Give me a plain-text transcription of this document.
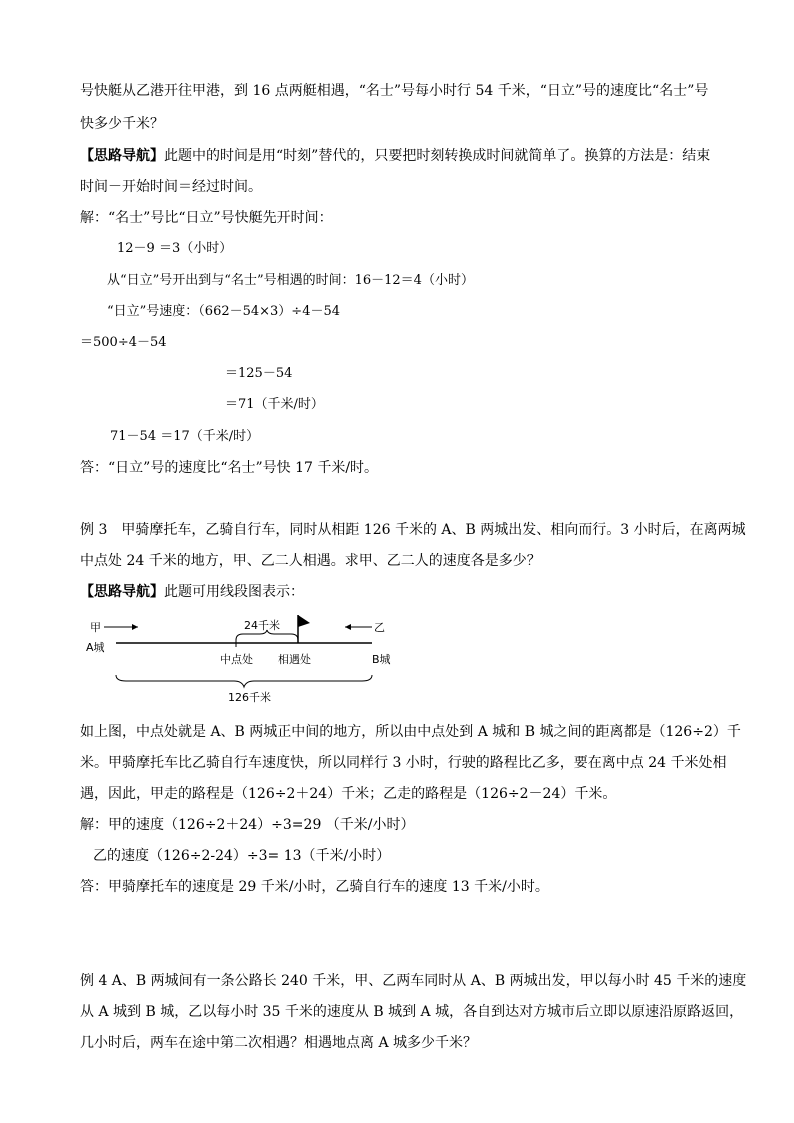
号快艇从乙港开往甲港，到 16 点两艇相遇，“名士”号每小时行 54 千米，“日立”号的速度比“名士”号
快多少千米？
【思路导航】此题中的时间是用“时刻”替代的，只要把时刻转换成时间就简单了。换算的方法是：结束
时间－开始时间＝经过时间。
解：“名士”号比“日立”号快艇先开时间：
12－9 ＝3（小时）
从“日立”号开出到与“名士”号相遇的时间：16－12＝4（小时）
“日立”号速度：（662－54×3）÷4－54
＝500÷4－54
＝125－54
＝71（千米/时）
71－54 ＝17（千米/时）
答：“日立”号的速度比“名士”号快 17 千米/时。
例 3　甲骑摩托车，乙骑自行车，同时从相距 126 千米的 A、B 两城出发、相向而行。3 小时后，在离两城
中点处 24 千米的地方，甲、乙二人相遇。求甲、乙二人的速度各是多少？
【思路导航】此题可用线段图表示：
甲	24千米	乙
A城
B城
中点处 相遇处
126千米
如上图，中点处就是 A、B 两城正中间的地方，所以由中点处到 A 城和 B 城之间的距离都是（126÷2）千
米。甲骑摩托车比乙骑自行车速度快，所以同样行 3 小时，行驶的路程比乙多，要在离中点 24 千米处相
遇，因此，甲走的路程是（126÷2＋24）千米；乙走的路程是（126÷2－24）千米。
解：甲的速度（126÷2＋24）÷3=29 （千米/小时）
乙的速度（126÷2-24）÷3= 13（千米/小时）
答：甲骑摩托车的速度是 29 千米/小时，乙骑自行车的速度 13 千米/小时。
例 4 A、B 两城间有一条公路长 240 千米，甲、乙两车同时从 A、B 两城出发，甲以每小时 45 千米的速度
从 A 城到 B 城，乙以每小时 35 千米的速度从 B 城到 A 城，各自到达对方城市后立即以原速沿原路返回，
几小时后，两车在途中第二次相遇？相遇地点离 A 城多少千米？
